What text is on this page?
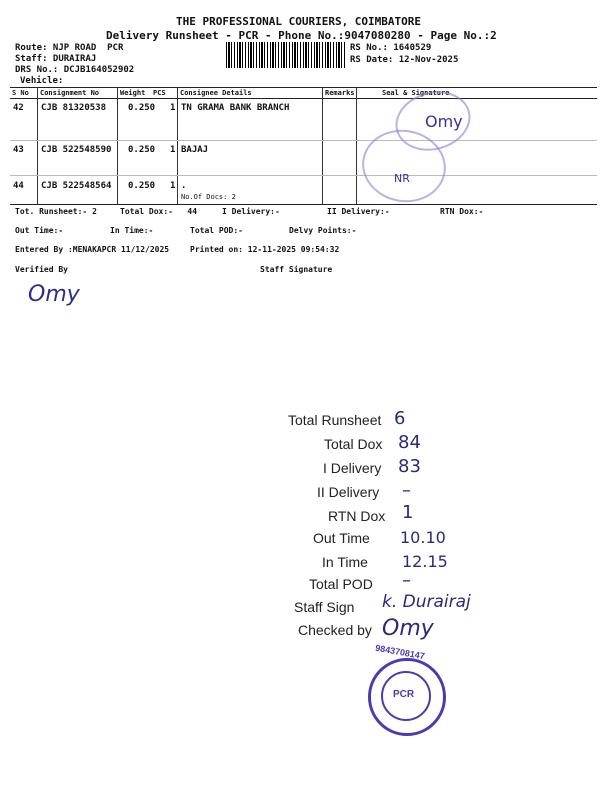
THE PROFESSIONAL COURIERS, COIMBATORE
Delivery Runsheet - PCR - Phone No.:9047080280 - Page No.:2
Route: NJP ROAD  PCR
Staff: DURAIRAJ
DRS No.: DCJB164052902
Vehicle:
RS No.: 1640529
RS Date: 12-Nov-2025
S No Consignment No	Weight PCS Consignee Details	Remarks	Seal & Signature
42 CJB 81320538 0.250 1 TN GRAMA BANK BRANCH
43 CJB 522548590 0.250 1 BAJAJ
44 CJB 522548564 0.250 1 .
No.Of Docs: 2
Omy
NR
Tot. Runsheet:- 2	Total Dox:-   44	I Delivery:-	II Delivery:-	RTN Dox:-
Out Time:-	In Time:-	Total POD:-	Delvy Points:-
Entered By :MENAKAPCR 11/12/2025	Printed on: 12-11-2025 09:54:32
Verified By	Staff Signature
Omy
Total Runsheet 6
Total Dox 84
I Delivery 83
II Delivery –
RTN Dox 1
Out Time 10.10
In Time 12.15
Total POD –
Staff Sign k. Durairaj
Checked by Omy
PCR
9843708147
